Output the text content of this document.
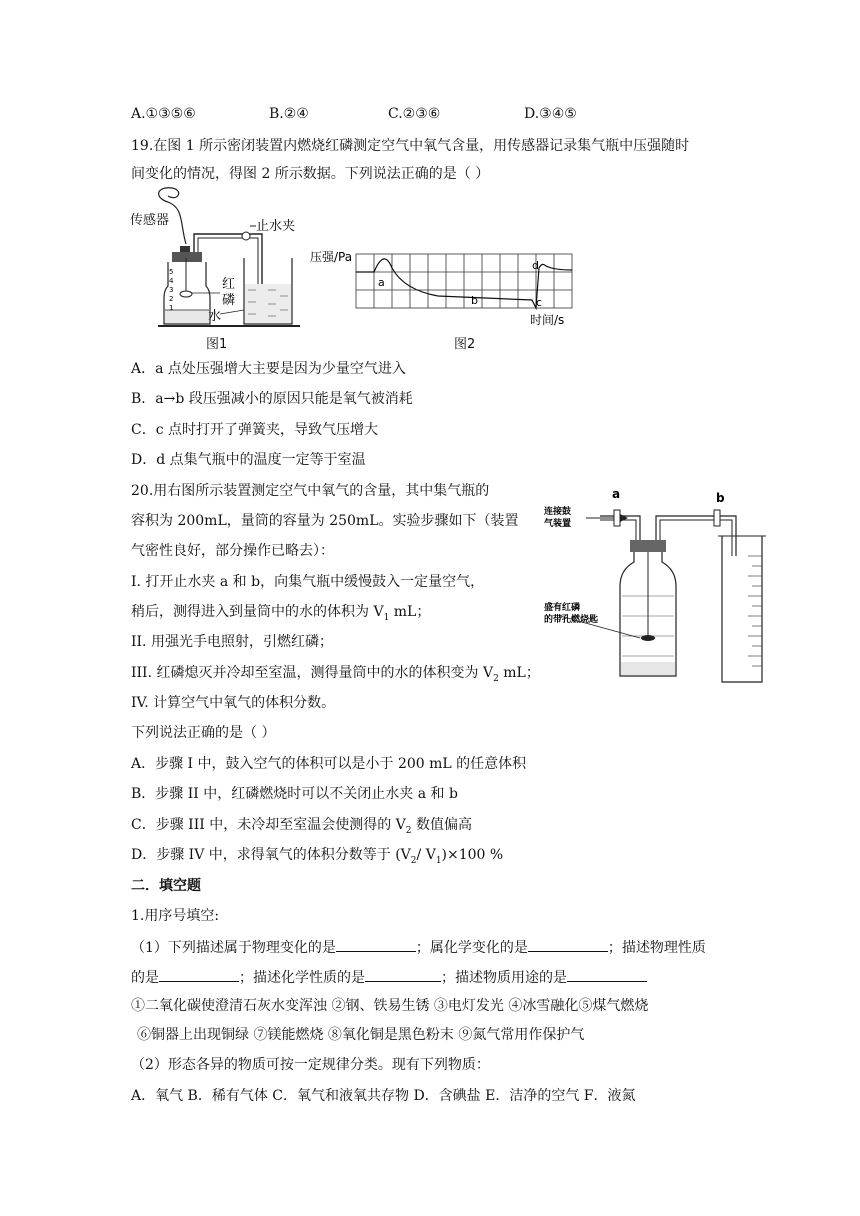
A.①③⑤⑥	B.②④	C.②③⑥	D.③④⑤
19.在图 1 所示密闭装置内燃烧红磷测定空气中氧气含量，用传感器记录集气瓶中压强随时
间变化的情况，得图 2 所示数据。下列说法正确的是（ ）
传感器
5
4
3
2
1
红
磷
止水夹
水
图1
压强/Pa
a
b	c
d
时间/s
图2
A．a 点处压强增大主要是因为少量空气进入
B．a→b 段压强减小的原因只能是氧气被消耗
C．c 点时打开了弹簧夹，导致气压增大
D．d 点集气瓶中的温度一定等于室温
20.用右图所示装置测定空气中氧气的含量，其中集气瓶的
容积为 200mL，量筒的容量为 250mL。实验步骤如下（装置
气密性良好，部分操作已略去）：
I. 打开止水夹 a 和 b，向集气瓶中缓慢鼓入一定量空气，
稍后，测得进入到量筒中的水的体积为 $V_1$ mL；
II. 用强光手电照射，引燃红磷；
III. 红磷熄灭并冷却至室温，测得量筒中的水的体积变为 $V_2$ mL；
IV. 计算空气中氧气的体积分数。
下列说法正确的是（ ）
A．步骤 I 中，鼓入空气的体积可以是小于 200 mL 的任意体积
B．步骤 II 中，红磷燃烧时可以不关闭止水夹 a 和 b
C．步骤 III 中，未冷却至室温会使测得的 $V_2$ 数值偏高
D．步骤 IV 中，求得氧气的体积分数等于 ($V_2/$ $V_1)\times 100$ %
a	b
连接鼓
气装置
盛有红磷
的带孔燃烧匙
二．填空题
1.用序号填空:
（1）下列描述属于物理变化的是	；属化学变化的是	；描述物理性质
的是	；描述化学性质的是	；描述物质用途的是
①二氧化碳使澄清石灰水变浑浊 ②钢、铁易生锈 ③电灯发光 ④冰雪融化⑤煤气燃烧
⑥铜器上出现铜绿 ⑦镁能燃烧 ⑧氧化铜是黑色粉末 ⑨氮气常用作保护气
（2）形态各异的物质可按一定规律分类。现有下列物质：
A．氧气 B．稀有气体 C．氧气和液氧共存物 D．含碘盐 E．洁净的空气 F．液氮
